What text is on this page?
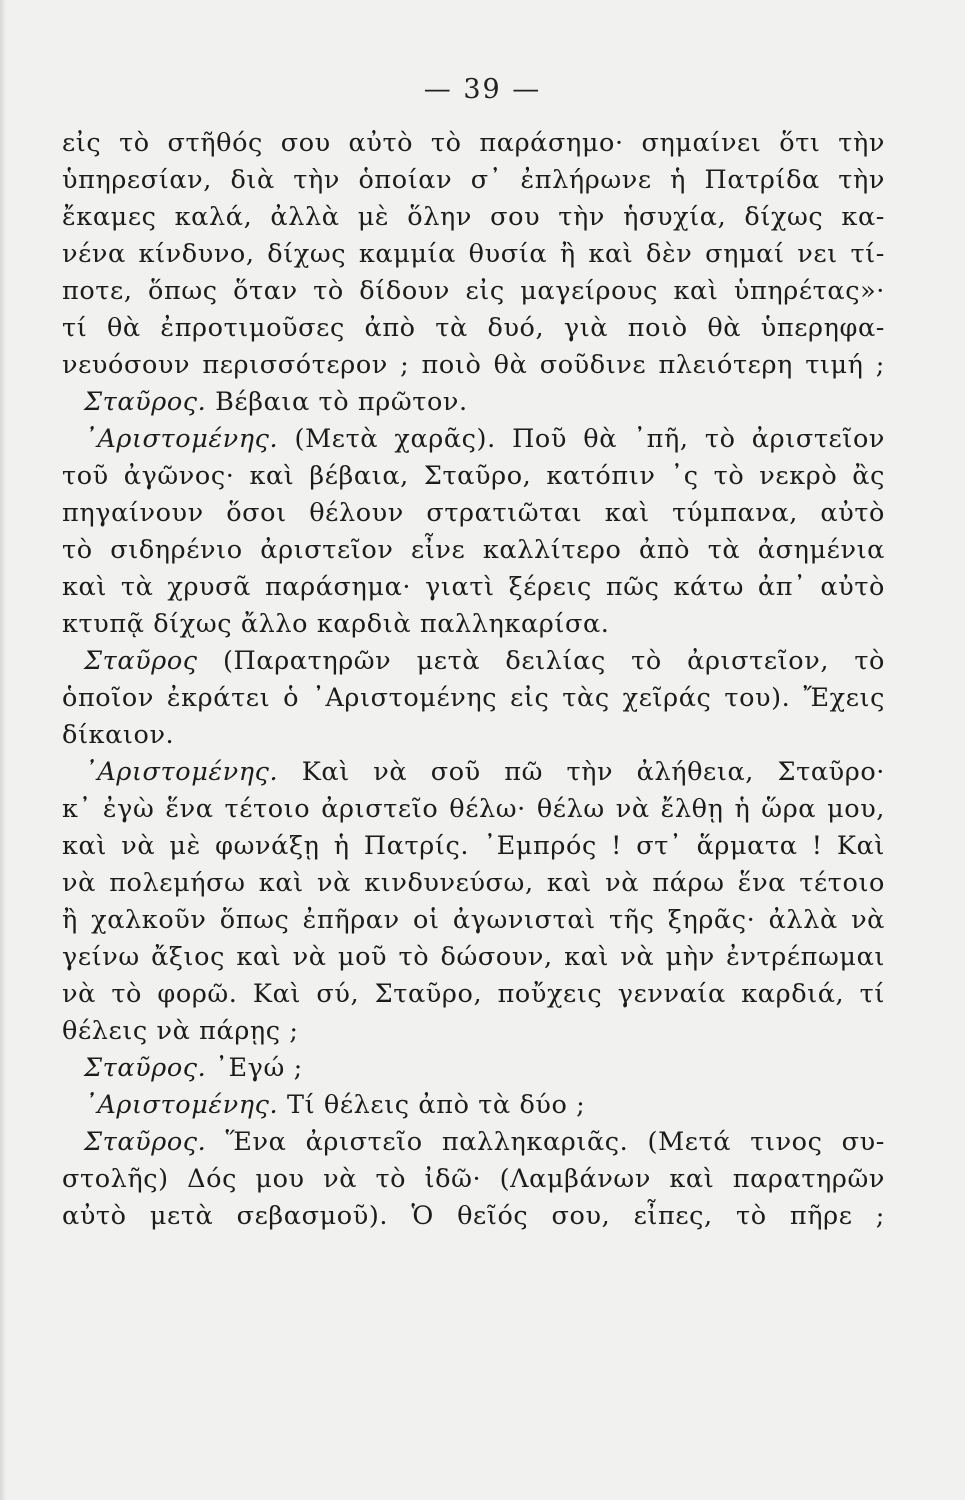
— 39 —
εἰς τὸ στῆθός σου αὐτὸ τὸ παράσημο· σημαίνει ὅτι τὴν
ὑπηρεσίαν, διὰ τὴν ὁποίαν σ᾽ ἐπλήρωνε ἡ Πατρίδα τὴν
ἔκαμες καλά, ἀλλὰ μὲ ὅλην σου τὴν ἡσυχία, δίχως κα-
νένα κίνδυνο, δίχως καμμία θυσία ἢ καὶ δὲν σημαί νει τί-
ποτε, ὅπως ὅταν τὸ δίδουν εἰς μαγείρους καὶ ὑπηρέτας»·
τί θὰ ἐπροτιμοῦσες ἀπὸ τὰ δυό, γιὰ ποιὸ θὰ ὑπερηφα-
νευόσουν περισσότερον ; ποιὸ θὰ σοῦδινε πλειότερη τιμή ;
Σταῦρος. Βέβαια τὸ πρῶτον.
᾽Αριστομένης. (Μετὰ χαρᾶς). Ποῦ θὰ ᾽πῆ, τὸ ἀριστεῖον
τοῦ ἀγῶνος· καὶ βέβαια, Σταῦρο, κατόπιν ᾽ς τὸ νεκρὸ ἂς
πηγαίνουν ὅσοι θέλουν στρατιῶται καὶ τύμπανα, αὐτὸ
τὸ σιδηρένιο ἀριστεῖον εἶνε καλλίτερο ἀπὸ τὰ ἀσημένια
καὶ τὰ χρυσᾶ παράσημα· γιατὶ ξέρεις πῶς κάτω ἀπ᾽ αὐτὸ
κτυπᾷ δίχως ἄλλο καρδιὰ παλληκαρίσα.
Σταῦρος (Παρατηρῶν μετὰ δειλίας τὸ ἀριστεῖον, τὸ
ὁποῖον ἐκράτει ὁ ᾽Αριστομένης εἰς τὰς χεῖράς του). Ἔχεις
δίκαιον.
᾽Αριστομένης. Καὶ νὰ σοῦ πῶ τὴν ἀλήθεια, Σταῦρο·
κ᾽ ἐγὼ ἕνα τέτοιο ἀριστεῖο θέλω· θέλω νὰ ἔλθῃ ἡ ὥρα μου,
καὶ νὰ μὲ φωνάξῃ ἡ Πατρίς. ᾽Εμπρός ! στ᾽ ἅρματα ! Καὶ
νὰ πολεμήσω καὶ νὰ κινδυνεύσω, καὶ νὰ πάρω ἕνα τέτοιο
ἢ χαλκοῦν ὅπως ἐπῆραν οἱ ἀγωνισταὶ τῆς ξηρᾶς· ἀλλὰ νὰ
γείνω ἄξιος καὶ νὰ μοῦ τὸ δώσουν, καὶ νὰ μὴν ἐντρέπωμαι
νὰ τὸ φορῶ. Καὶ σύ, Σταῦρο, ποὔχεις γενναία καρδιά, τί
θέλεις νὰ πάρῃς ;
Σταῦρος. ᾽Εγώ ;
᾽Αριστομένης. Τί θέλεις ἀπὸ τὰ δύο ;
Σταῦρος. Ἕνα ἀριστεῖο παλληκαριᾶς. (Μετά τινος συ-
στολῆς) Δός μου νὰ τὸ ἰδῶ· (Λαμβάνων καὶ παρατηρῶν
αὐτὸ μετὰ σεβασμοῦ). Ὁ θεῖός σου, εἶπες, τὸ πῆρε ;
